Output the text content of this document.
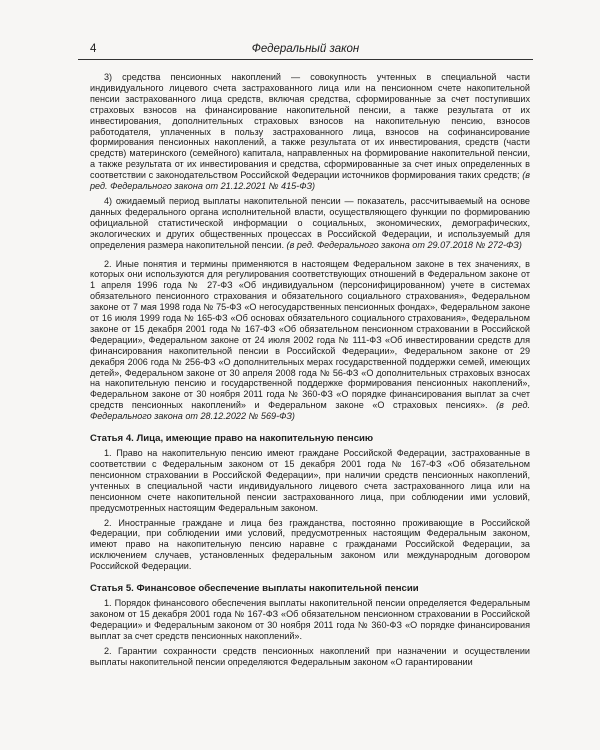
4	Федеральный закон

3) средства пенсионных накоплений — совокупность учтенных в специальной части индивидуального лицевого счета застрахованного лица или на пенсионном счете накопительной пенсии застрахованного лица средств, включая средства, сформированные за счет поступивших страховых взносов на финансирование накопительной пенсии, а также результата от их инвестирования, дополнительных страховых взносов на накопительную пенсию, взносов работодателя, уплаченных в пользу застрахованного лица, взносов на софинансирование формирования пенсионных накоплений, а также результата от их инвестирования, средств (части средств) материнского (семейного) капитала, направленных на формирование накопительной пенсии, а также результата от их инвестирования и средства, сформированные за счет иных определенных в соответствии с законодательством Российской Федерации источников формирования таких средств; (в ред. Федерального закона от 21.12.2021 № 415-ФЗ)

4) ожидаемый период выплаты накопительной пенсии — показатель, рассчитываемый на основе данных федерального органа исполнительной власти, осуществляющего функции по формированию официальной статистической информации о социальных, экономических, демографических, экологических и других общественных процессах в Российской Федерации, и используемый для определения размера накопительной пенсии. (в ред. Федерального закона от 29.07.2018 № 272-ФЗ)

2. Иные понятия и термины применяются в настоящем Федеральном законе в тех значениях, в которых они используются для регулирования соответствующих отношений в Федеральном законе от 1 апреля 1996 года № 27-ФЗ «Об индивидуальном (персонифицированном) учете в системах обязательного пенсионного страхования и обязательного социального страхования», Федеральном законе от 7 мая 1998 года № 75-ФЗ «О негосударственных пенсионных фондах», Федеральном законе от 16 июля 1999 года № 165-ФЗ «Об основах обязательного социального страхования», Федеральном законе от 15 декабря 2001 года № 167-ФЗ «Об обязательном пенсионном страховании в Российской Федерации», Федеральном законе от 24 июля 2002 года № 111-ФЗ «Об инвестировании средств для финансирования накопительной пенсии в Российской Федерации», Федеральном законе от 29 декабря 2006 года № 256-ФЗ «О дополнительных мерах государственной поддержки семей, имеющих детей», Федеральном законе от 30 апреля 2008 года № 56-ФЗ «О дополнительных страховых взносах на накопительную пенсию и государственной поддержке формирования пенсионных накоплений», Федеральном законе от 30 ноября 2011 года № 360-ФЗ «О порядке финансирования выплат за счет средств пенсионных накоплений» и Федеральном законе «О страховых пенсиях». (в ред. Федерального закона от 28.12.2022 № 569-ФЗ)

Статья 4. Лица, имеющие право на накопительную пенсию

1. Право на накопительную пенсию имеют граждане Российской Федерации, застрахованные в соответствии с Федеральным законом от 15 декабря 2001 года № 167-ФЗ «Об обязательном пенсионном страховании в Российской Федерации», при наличии средств пенсионных накоплений, учтенных в специальной части индивидуального лицевого счета застрахованного лица или на пенсионном счете накопительной пенсии застрахованного лица, при соблюдении ими условий, предусмотренных настоящим Федеральным законом.

2. Иностранные граждане и лица без гражданства, постоянно проживающие в Российской Федерации, при соблюдении ими условий, предусмотренных настоящим Федеральным законом, имеют право на накопительную пенсию наравне с гражданами Российской Федерации, за исключением случаев, установленных федеральным законом или международным договором Российской Федерации.

Статья 5. Финансовое обеспечение выплаты накопительной пенсии

1. Порядок финансового обеспечения выплаты накопительной пенсии определяется Федеральным законом от 15 декабря 2001 года № 167-ФЗ «Об обязательном пенсионном страховании в Российской Федерации» и Федеральным законом от 30 ноября 2011 года № 360-ФЗ «О порядке финансирования выплат за счет средств пенсионных накоплений».

2. Гарантии сохранности средств пенсионных накоплений при назначении и осуществлении выплаты накопительной пенсии определяются Федеральным законом «О гарантировании
